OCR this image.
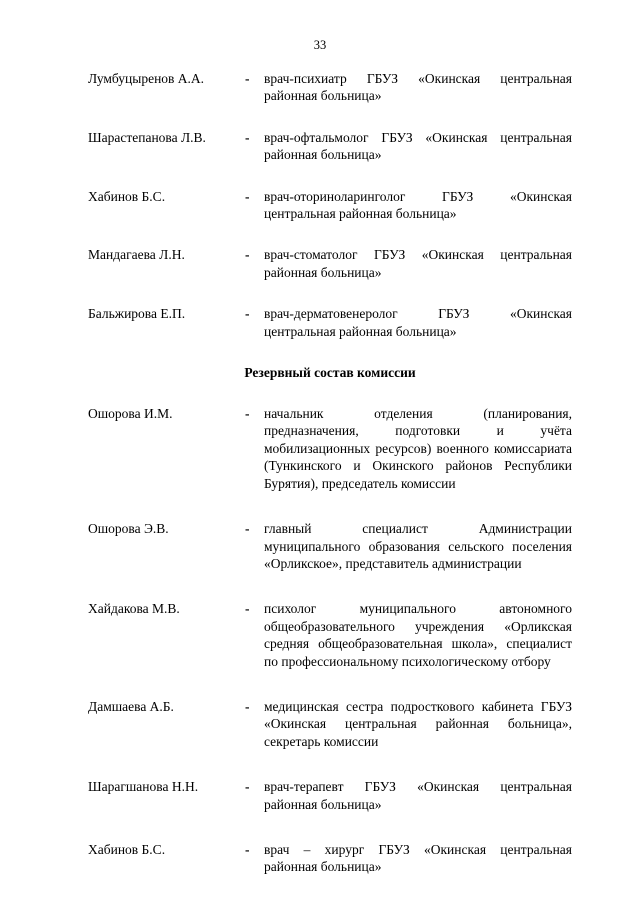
33
Лумбуцыренов А.А.	- врач-психиатр ГБУЗ «Окинская центральная районная больница»
Шарастепанова Л.В.	- врач-офтальмолог ГБУЗ «Окинская центральная районная больница»
Хабинов Б.С.	- врач-оториноларинголог ГБУЗ «Окинская центральная районная больница»
Мандагаева Л.Н.	- врач-стоматолог ГБУЗ «Окинская центральная районная больница»
Бальжирова Е.П.	- врач-дерматовенеролог ГБУЗ «Окинская центральная районная больница»
Резервный состав комиссии
Ошорова И.М.	- начальник отделения (планирования, предназначения, подготовки и учёта мобилизационных ресурсов) военного комиссариата (Тункинского и Окинского районов Республики Бурятия), председатель комиссии
Ошорова Э.В.	- главный специалист Администрации муниципального образования сельского поселения «Орликское», представитель администрации
Хайдакова М.В.	- психолог муниципального автономного общеобразовательного учреждения «Орликская средняя общеобразовательная школа», специалист по профессиональному психологическому отбору
Дамшаева А.Б.	- медицинская сестра подросткового кабинета ГБУЗ «Окинская центральная районная больница», секретарь комиссии
Шарагшанова Н.Н.	- врач-терапевт ГБУЗ «Окинская центральная районная больница»
Хабинов Б.С.	- врач – хирург ГБУЗ «Окинская центральная районная больница»
